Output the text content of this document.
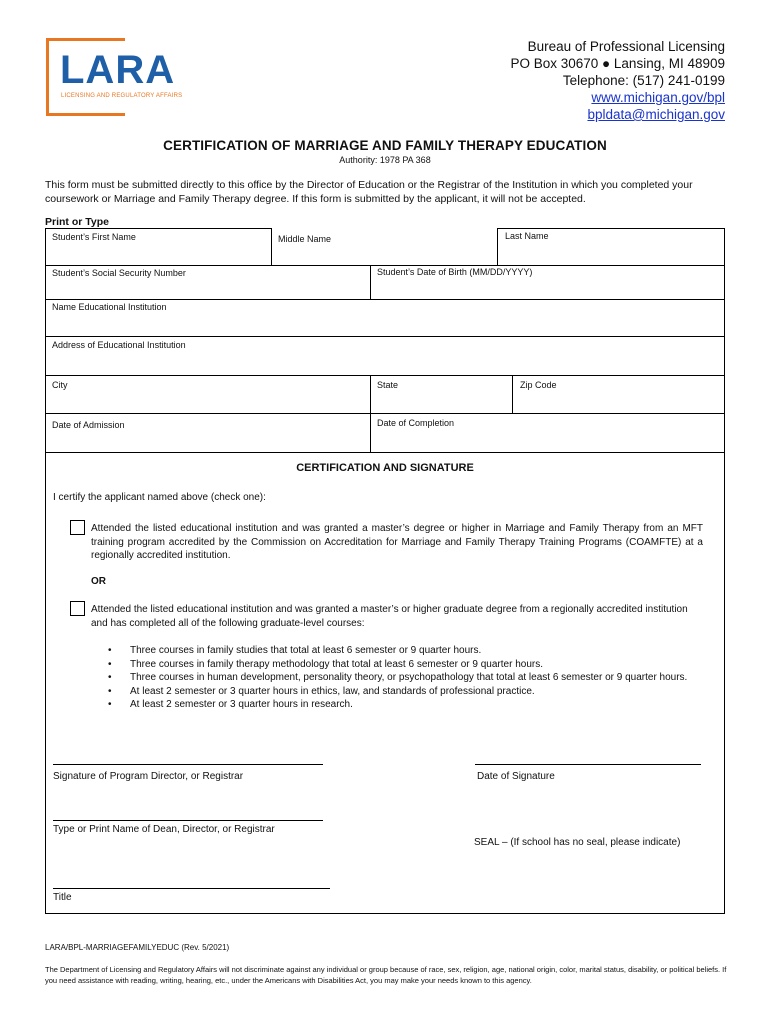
LARA
LICENSING AND REGULATORY AFFAIRS
Bureau of Professional Licensing
PO Box 30670 ● Lansing, MI 48909
Telephone: (517) 241-0199
www.michigan.gov/bpl
bpldata@michigan.gov
CERTIFICATION OF MARRIAGE AND FAMILY THERAPY EDUCATION
Authority: 1978 PA 368
This form must be submitted directly to this office by the Director of Education or the Registrar of the Institution in which you completed your coursework or Marriage and Family Therapy degree. If this form is submitted by the applicant, it will not be accepted.
Print or Type
Student’s First Name	Middle Name	Last Name
Student’s Social Security Number	Student’s Date of Birth (MM/DD/YYYY)
Name Educational Institution
Address of Educational Institution
City	State	Zip Code
Date of Admission	Date of Completion
CERTIFICATION AND SIGNATURE
I certify the applicant named above (check one):
Attended the listed educational institution and was granted a master’s degree or higher in Marriage and Family Therapy from an MFT training program accredited by the Commission on Accreditation for Marriage and Family Therapy Training Programs (COAMFTE) at a regionally accredited institution.
OR
Attended the listed educational institution and was granted a master’s or higher graduate degree from a regionally accredited institution and has completed all of the following graduate-level courses:
• Three courses in family studies that total at least 6 semester or 9 quarter hours.
• Three courses in family therapy methodology that total at least 6 semester or 9 quarter hours.
• Three courses in human development, personality theory, or psychopathology that total at least 6 semester or 9 quarter hours.
• At least 2 semester or 3 quarter hours in ethics, law, and standards of professional practice.
• At least 2 semester or 3 quarter hours in research.
Signature of Program Director, or Registrar	Date of Signature
Type or Print Name of Dean, Director, or Registrar
SEAL – (If school has no seal, please indicate)
Title
LARA/BPL-MARRIAGEFAMILYEDUC (Rev. 5/2021)
The Department of Licensing and Regulatory Affairs will not discriminate against any individual or group because of race, sex, religion, age, national origin, color, marital status, disability, or political beliefs. If you need assistance with reading, writing, hearing, etc., under the Americans with Disabilities Act, you may make your needs known to this agency.
